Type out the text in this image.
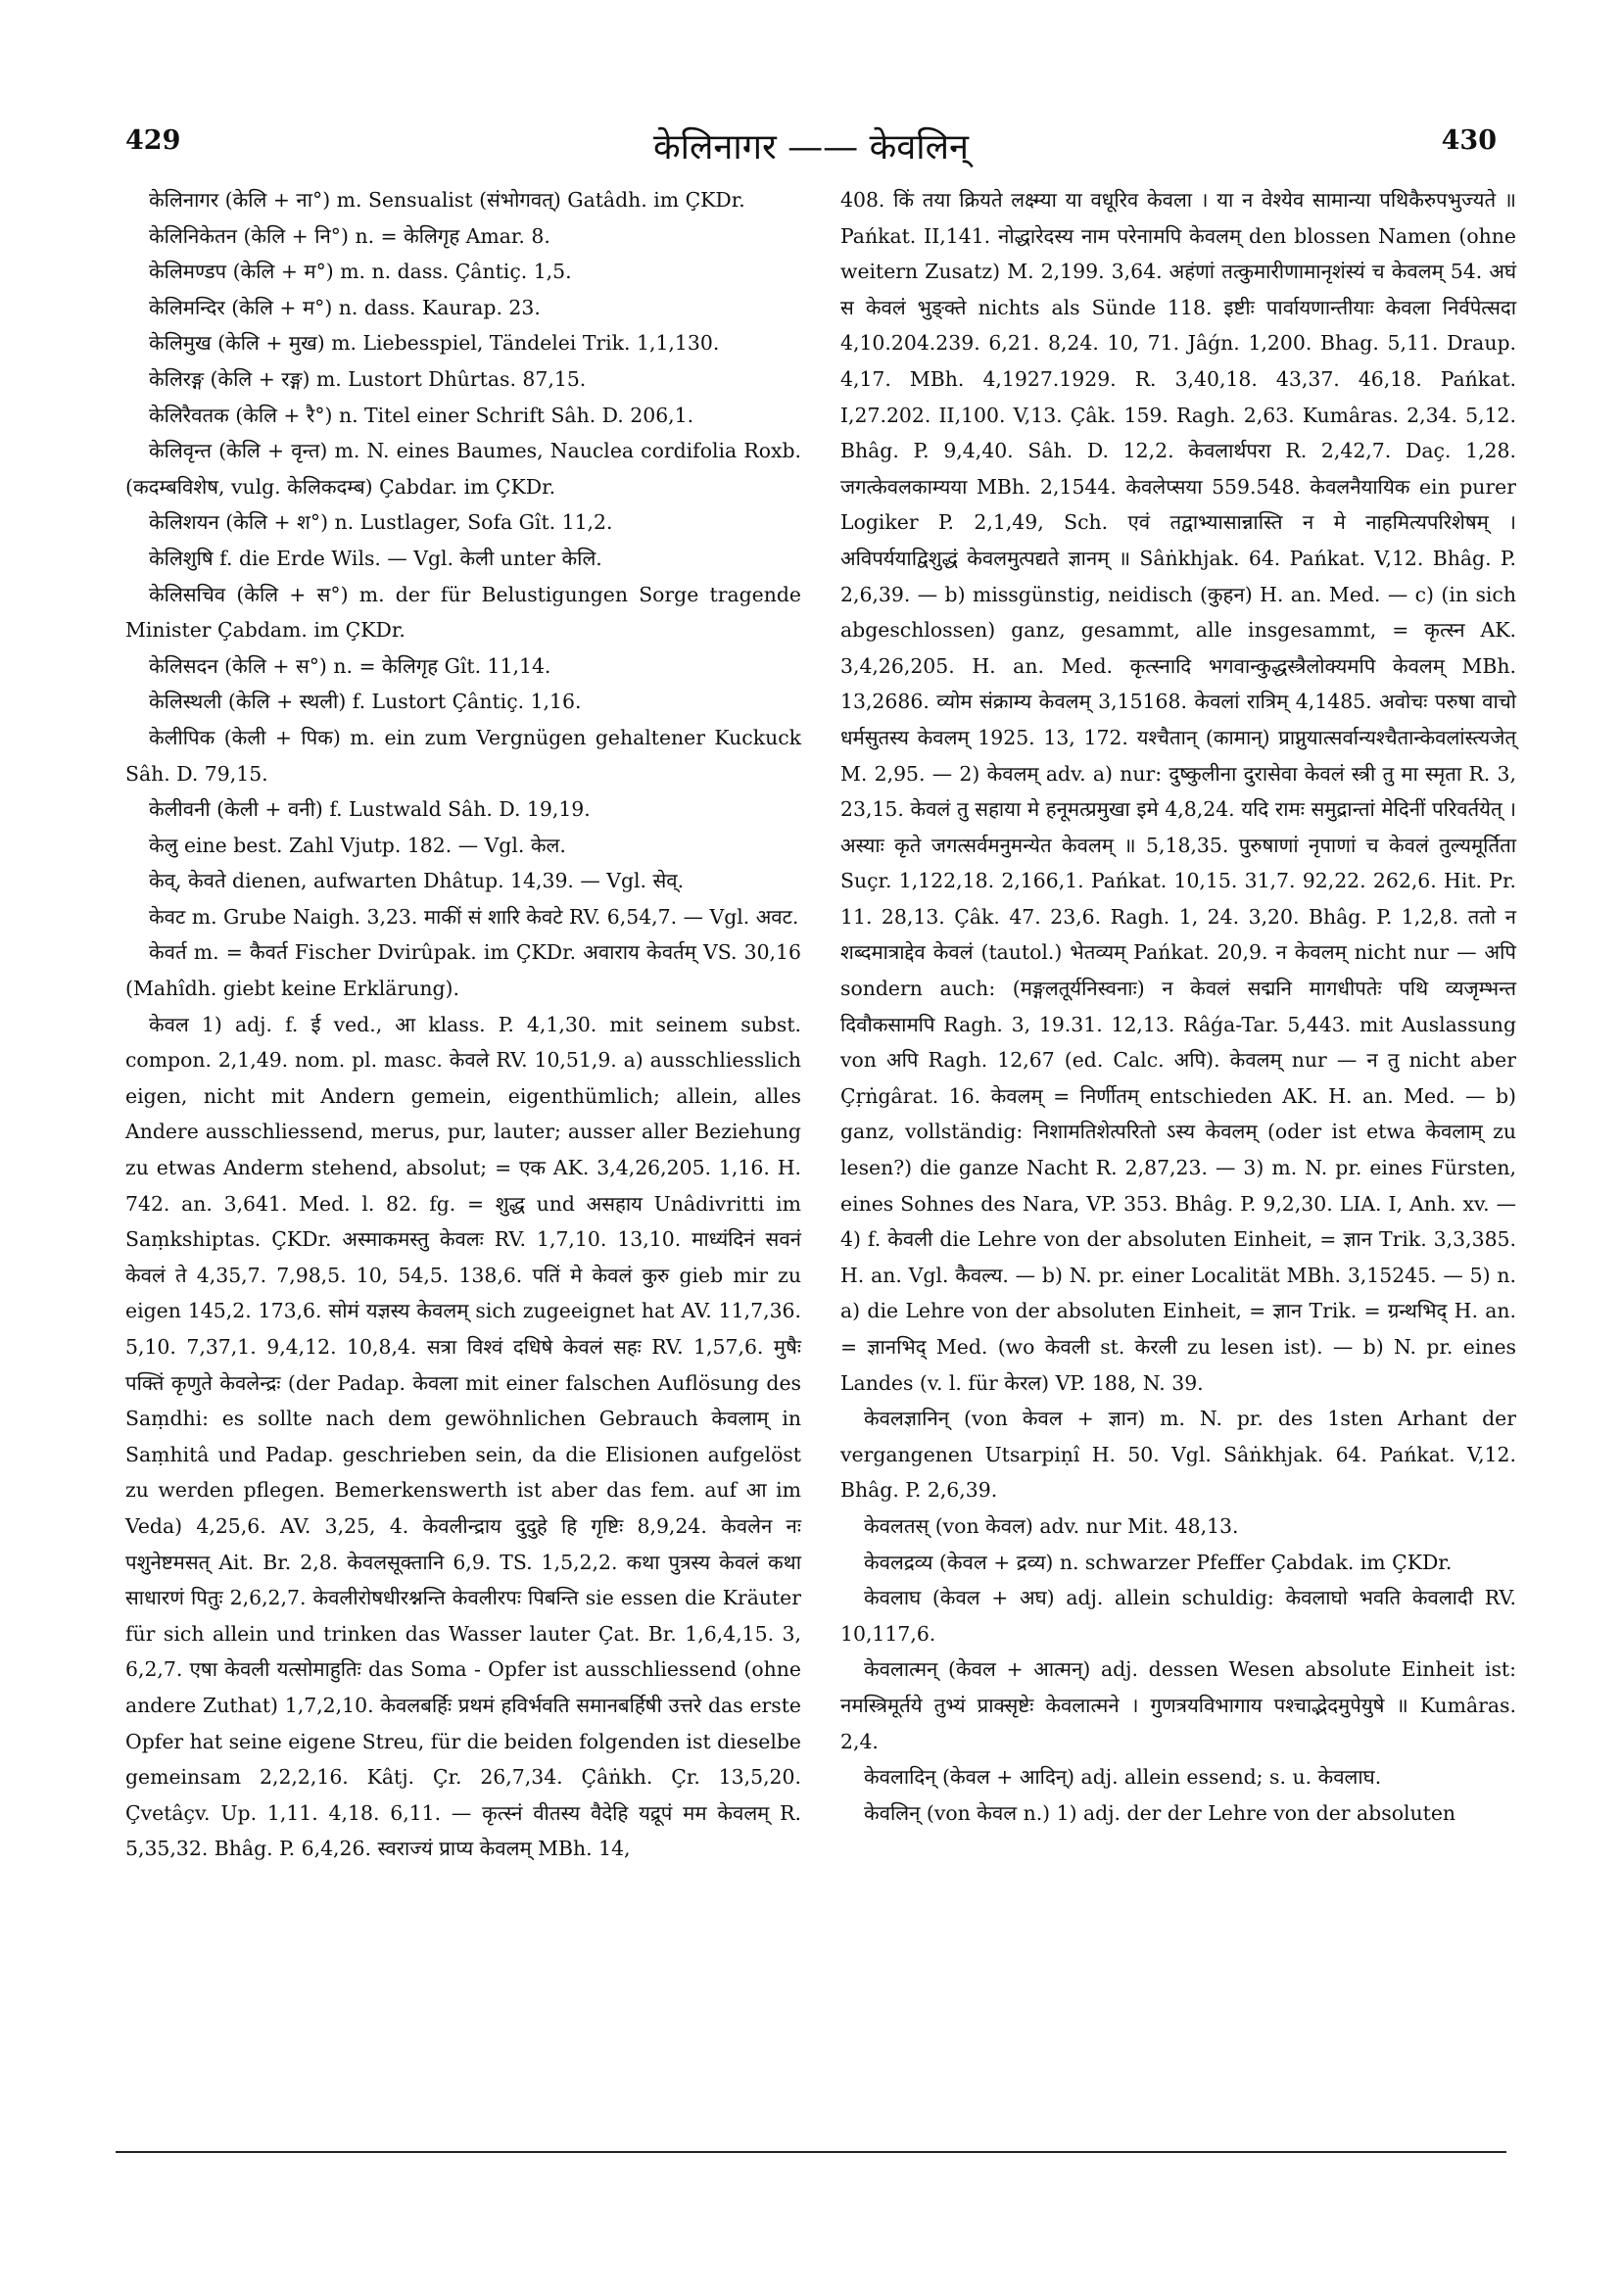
429	केलिनागर —— केवलिन्	430

केलिनागर (केलि + ना°) m. Sensualist (संभोगवत्) Gatâdh. im ÇKDr.

केलिनिकेतन (केलि + नि°) n. = केलिगृह Amar. 8.

केलिमण्डप (केलि + म°) m. n. dass. Çântiç. 1,5.

केलिमन्दिर (केलि + म°) n. dass. Kaurap. 23.

केलिमुख (केलि + मुख) m. Liebesspiel, Tändelei Trik. 1,1,130.

केलिरङ्ग (केलि + रङ्ग) m. Lustort Dhûrtas. 87,15.

केलिरैवतक (केलि + रै°) n. Titel einer Schrift Sâh. D. 206,1.

केलिवृन्त (केलि + वृन्त) m. N. eines Baumes, Nauclea cordifolia Roxb. (कदम्बविशेष, vulg. केलिकदम्ब) Çabdar. im ÇKDr.

केलिशयन (केलि + श°) n. Lustlager, Sofa Gît. 11,2.

केलिशुषि f. die Erde Wils. — Vgl. केली unter केलि.

केलिसचिव (केलि + स°) m. der für Belustigungen Sorge tragende Minister Çabdam. im ÇKDr.

केलिसदन (केलि + स°) n. = केलिगृह Gît. 11,14.

केलिस्थली (केलि + स्थली) f. Lustort Çântiç. 1,16.

केलीपिक (केली + पिक) m. ein zum Vergnügen gehaltener Kuckuck Sâh. D. 79,15.

केलीवनी (केली + वनी) f. Lustwald Sâh. D. 19,19.

केलु eine best. Zahl Vjutp. 182. — Vgl. केल.

केव्, केवते dienen, aufwarten Dhâtup. 14,39. — Vgl. सेव्.

केवट m. Grube Naigh. 3,23. माकीं सं शारि केवटे RV. 6,54,7. — Vgl. अवट.

केवर्त m. = कैवर्त Fischer Dvirûpak. im ÇKDr. अवाराय केवर्तम् VS. 30,16 (Mahîdh. giebt keine Erklärung).

केवल 1) adj. f. ई ved., आ klass. P. 4,1,30. mit seinem subst. compon. 2,1,49. nom. pl. masc. केवले RV. 10,51,9. a) ausschliesslich eigen, nicht mit Andern gemein, eigenthümlich; allein, alles Andere ausschliessend, merus, pur, lauter; ausser aller Beziehung zu etwas Anderm stehend, absolut; = एक AK. 3,4,26,205. 1,16. H. 742. an. 3,641. Med. l. 82. fg. = शुद्ध und असहाय Unâdivritti im Saṃkshiptas. ÇKDr. अस्माकमस्तु केवलः RV. 1,7,10. 13,10. माध्यंदिनं सवनं केवलं ते 4,35,7. 7,98,5. 10, 54,5. 138,6. पतिं मे केवलं कुरु gieb mir zu eigen 145,2. 173,6. सोमं यज्ञस्य केवलम् sich zugeeignet hat AV. 11,7,36. 5,10. 7,37,1. 9,4,12. 10,8,4. सत्रा विश्वं दधिषे केवलं सहः RV. 1,57,6. मुषैः पक्तिं कृणुते केवलेन्द्रः (der Padap. केवला mit einer falschen Auflösung des Saṃdhi: es sollte nach dem gewöhnlichen Gebrauch केवलाम् in Saṃhitâ und Padap. geschrieben sein, da die Elisionen aufgelöst zu werden pflegen. Bemerkenswerth ist aber das fem. auf आ im Veda) 4,25,6. AV. 3,25, 4. केवलीन्द्राय दुदुहे हि गृष्टिः 8,9,24. केवलेन नः पशुनेष्टमसत् Ait. Br. 2,8. केवलसूक्तानि 6,9. TS. 1,5,2,2. कथा पुत्रस्य केवलं कथा साधारणं पितुः 2,6,2,7. केवलीरोषधीरश्नन्ति केवलीरपः पिबन्ति sie essen die Kräuter für sich allein und trinken das Wasser lauter Çat. Br. 1,6,4,15. 3, 6,2,7. एषा केवली यत्सोमाहुतिः das Soma - Opfer ist ausschliessend (ohne andere Zuthat) 1,7,2,10. केवलबर्हिः प्रथमं हविर्भवति समानबर्हिषी उत्तरे das erste Opfer hat seine eigene Streu, für die beiden folgenden ist dieselbe gemeinsam 2,2,2,16. Kâtj. Çr. 26,7,34. Çâṅkh. Çr. 13,5,20. Çvetâçv. Up. 1,11. 4,18. 6,11. — कृत्स्नं वीतस्य वैदेहि यद्रूपं मम केवलम् R. 5,35,32. Bhâg. P. 6,4,26. स्वराज्यं प्राप्य केवलम् MBh. 14,

408. किं तया क्रियते लक्ष्म्या या वधूरिव केवला । या न वेश्येव सामान्या पथिकैरुपभुज्यते ॥ Pańkat. II,141. नोद्धारेदस्य नाम परेनामपि केवलम् den blossen Namen (ohne weitern Zusatz) M. 2,199. 3,64. अहंणां तत्कुमारीणामानृशंस्यं च केवलम् 54. अघं स केवलं भुङ्क्ते nichts als Sünde 118. इष्टीः पार्वायणान्तीयाः केवला निर्वपेत्सदा 4,10.204.239. 6,21. 8,24. 10, 71. Jâǵn. 1,200. Bhag. 5,11. Draup. 4,17. MBh. 4,1927.1929. R. 3,40,18. 43,37. 46,18. Pańkat. I,27.202. II,100. V,13. Çâk. 159. Ragh. 2,63. Kumâras. 2,34. 5,12. Bhâg. P. 9,4,40. Sâh. D. 12,2. केवलार्थपरा R. 2,42,7. Daç. 1,28. जगत्केवलकाम्यया MBh. 2,1544. केवलेप्सया 559.548. केवलनैयायिक ein purer Logiker P. 2,1,49, Sch. एवं तद्वाभ्यासान्नास्ति न मे नाहमित्यपरिशेषम् । अविपर्ययाद्विशुद्धं केवलमुत्पद्यते ज्ञानम् ॥ Sâṅkhjak. 64. Pańkat. V,12. Bhâg. P. 2,6,39. — b) missgünstig, neidisch (कुहन) H. an. Med. — c) (in sich abgeschlossen) ganz, gesammt, alle insgesammt, = कृत्स्न AK. 3,4,26,205. H. an. Med. कृत्स्नादि भगवान्कुद्धस्त्रैलोक्यमपि केवलम् MBh. 13,2686. व्योम संक्राम्य केवलम् 3,15168. केवलां रात्रिम् 4,1485. अवोचः परुषा वाचो धर्मसुतस्य केवलम् 1925. 13, 172. यश्चैतान् (कामान्) प्राप्नुयात्सर्वान्यश्चैतान्केवलांस्त्यजेत् M. 2,95. — 2) केवलम् adv. a) nur: दुष्कुलीना दुरासेवा केवलं स्त्री तु मा स्मृता R. 3, 23,15. केवलं तु सहाया मे हनूमत्प्रमुखा इमे 4,8,24. यदि रामः समुद्रान्तां मेदिनीं परिवर्तयेत् । अस्याः कृते जगत्सर्वमनुमन्येत केवलम् ॥ 5,18,35. पुरुषाणां नृपाणां च केवलं तुल्यमूर्तिता Suçr. 1,122,18. 2,166,1. Pańkat. 10,15. 31,7. 92,22. 262,6. Hit. Pr. 11. 28,13. Çâk. 47. 23,6. Ragh. 1, 24. 3,20. Bhâg. P. 1,2,8. ततो न शब्दमात्राद्देव केवलं (tautol.) भेतव्यम् Pańkat. 20,9. न केवलम् nicht nur — अपि sondern auch: (मङ्गलतूर्यनिस्वनाः) न केवलं सद्मनि मागधीपतेः पथि व्यजृम्भन्त दिवौकसामपि Ragh. 3, 19.31. 12,13. Râǵa-Tar. 5,443. mit Auslassung von अपि Ragh. 12,67 (ed. Calc. अपि). केवलम् nur — न तु nicht aber Çṛṅgârat. 16. केवलम् = निर्णीतम् entschieden AK. H. an. Med. — b) ganz, vollständig: निशामतिशेत्परितो ऽस्य केवलम् (oder ist etwa केवलाम् zu lesen?) die ganze Nacht R. 2,87,23. — 3) m. N. pr. eines Fürsten, eines Sohnes des Nara, VP. 353. Bhâg. P. 9,2,30. LIA. I, Anh. xv. — 4) f. केवली die Lehre von der absoluten Einheit, = ज्ञान Trik. 3,3,385. H. an. Vgl. कैवल्य. — b) N. pr. einer Localität MBh. 3,15245. — 5) n. a) die Lehre von der absoluten Einheit, = ज्ञान Trik. = ग्रन्थभिद् H. an. = ज्ञानभिद् Med. (wo केवली st. केरली zu lesen ist). — b) N. pr. eines Landes (v. l. für केरल) VP. 188, N. 39.

केवलज्ञानिन् (von केवल + ज्ञान) m. N. pr. des 1sten Arhant der vergangenen Utsarpiṇî H. 50. Vgl. Sâṅkhjak. 64. Pańkat. V,12. Bhâg. P. 2,6,39.

केवलतस् (von केवल) adv. nur Mit. 48,13.

केवलद्रव्य (केवल + द्रव्य) n. schwarzer Pfeffer Çabdak. im ÇKDr.

केवलाघ (केवल + अघ) adj. allein schuldig: केवलाघो भवति केवलादी RV. 10,117,6.

केवलात्मन् (केवल + आत्मन्) adj. dessen Wesen absolute Einheit ist: नमस्त्रिमूर्तये तुभ्यं प्राक्सृष्टेः केवलात्मने । गुणत्रयविभागाय पश्चाद्भेदमुपेयुषे ॥ Kumâras. 2,4.

केवलादिन् (केवल + आदिन्) adj. allein essend; s. u. केवलाघ.

केवलिन् (von केवल n.) 1) adj. der der Lehre von der absoluten
